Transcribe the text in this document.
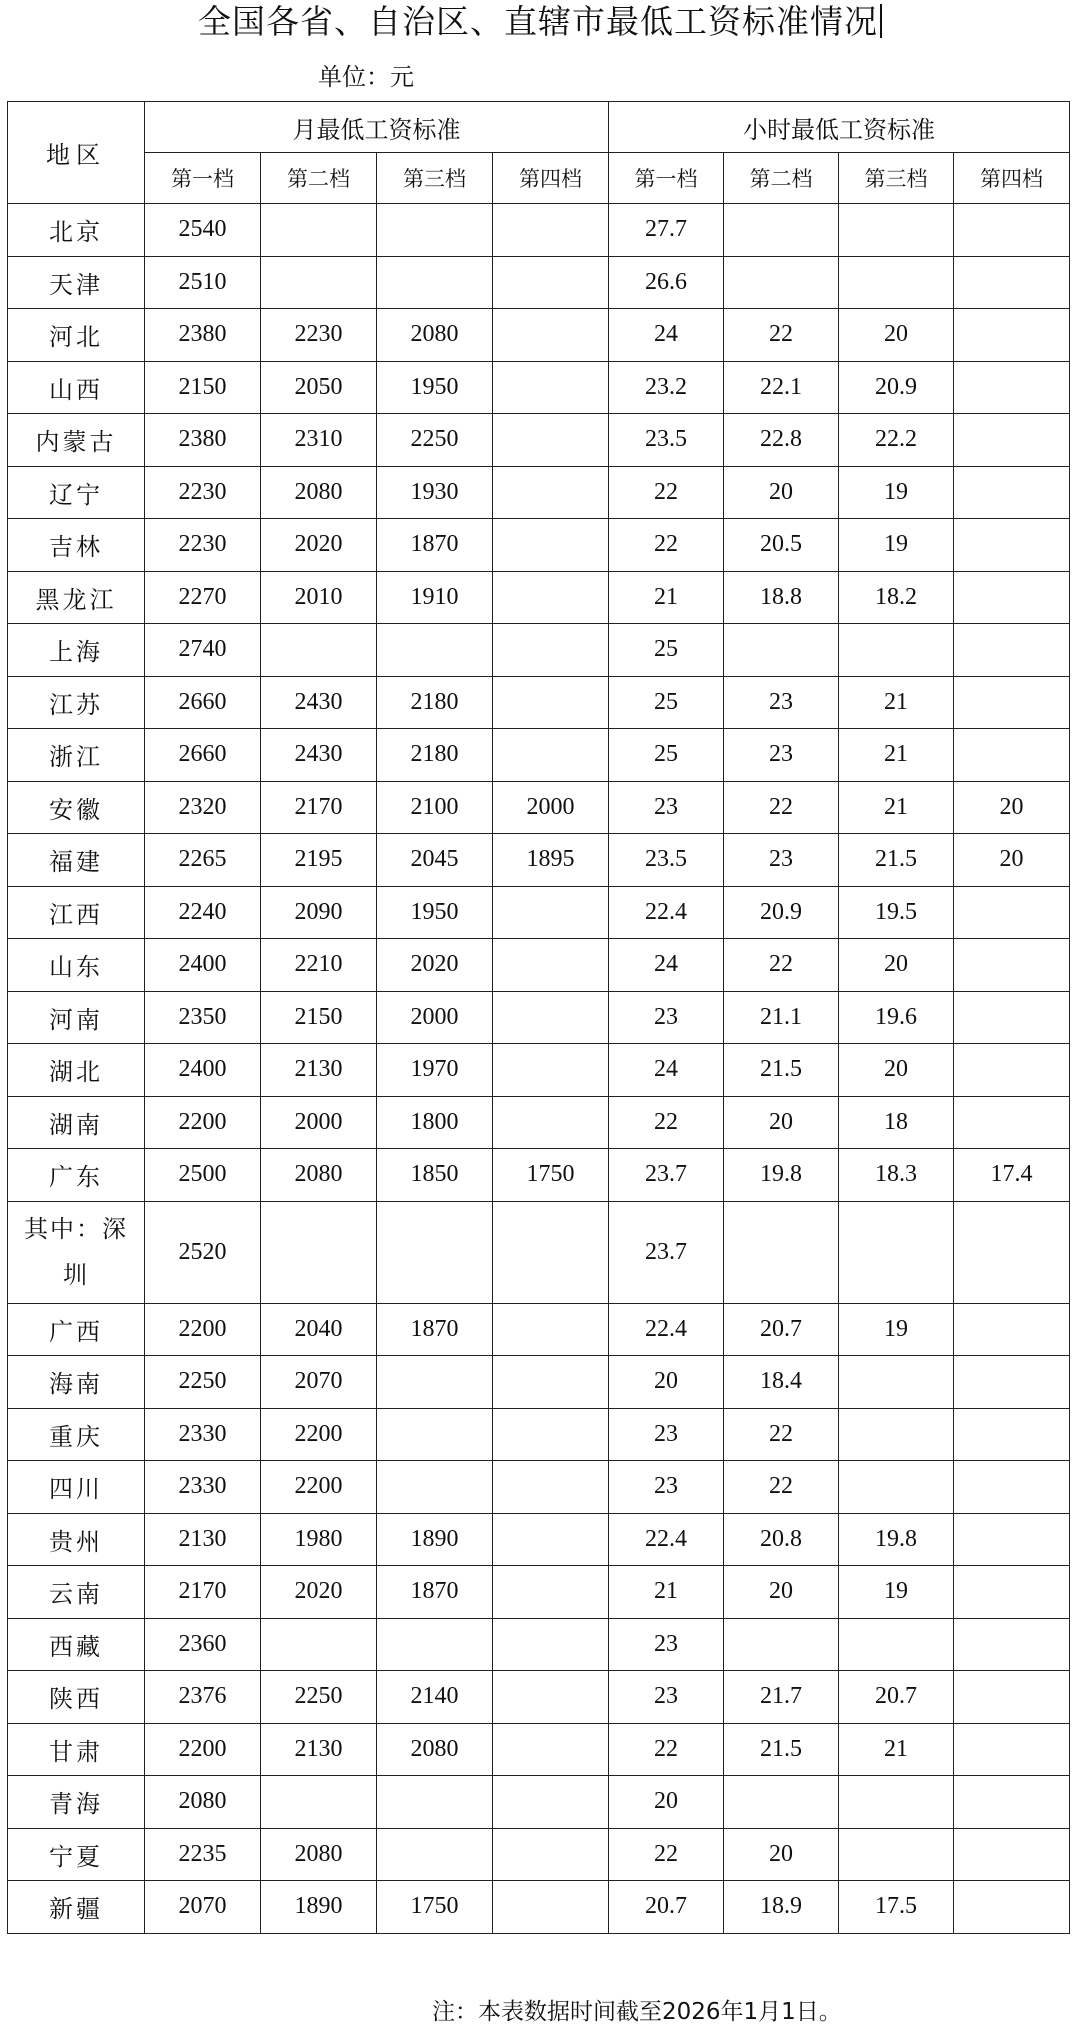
全国各省、自治区、直辖市最低工资标准情况
单位：元
地区	月最低工资标准				小时最低工资标准			
	第一档	第二档	第三档	第四档	第一档	第二档	第三档	第四档
北京	2540				27.7			
天津	2510				26.6			
河北	2380	2230	2080		24	22	20	
山西	2150	2050	1950		23.2	22.1	20.9	
内蒙古	2380	2310	2250		23.5	22.8	22.2	
辽宁	2230	2080	1930		22	20	19	
吉林	2230	2020	1870		22	20.5	19	
黑龙江	2270	2010	1910		21	18.8	18.2	
上海	2740				25			
江苏	2660	2430	2180		25	23	21	
浙江	2660	2430	2180		25	23	21	
安徽	2320	2170	2100	2000	23	22	21	20
福建	2265	2195	2045	1895	23.5	23	21.5	20
江西	2240	2090	1950		22.4	20.9	19.5	
山东	2400	2210	2020		24	22	20	
河南	2350	2150	2000		23	21.1	19.6	
湖北	2400	2130	1970		24	21.5	20	
湖南	2200	2000	1800		22	20	18	
广东	2500	2080	1850	1750	23.7	19.8	18.3	17.4
其中：深圳	2520				23.7			
广西	2200	2040	1870		22.4	20.7	19	
海南	2250	2070			20	18.4		
重庆	2330	2200			23	22		
四川	2330	2200			23	22		
贵州	2130	1980	1890		22.4	20.8	19.8	
云南	2170	2020	1870		21	20	19	
西藏	2360				23			
陕西	2376	2250	2140		23	21.7	20.7	
甘肃	2200	2130	2080		22	21.5	21	
青海	2080				20			
宁夏	2235	2080			22	20		
新疆	2070	1890	1750		20.7	18.9	17.5	
注：本表数据时间截至2026年1月1日。
